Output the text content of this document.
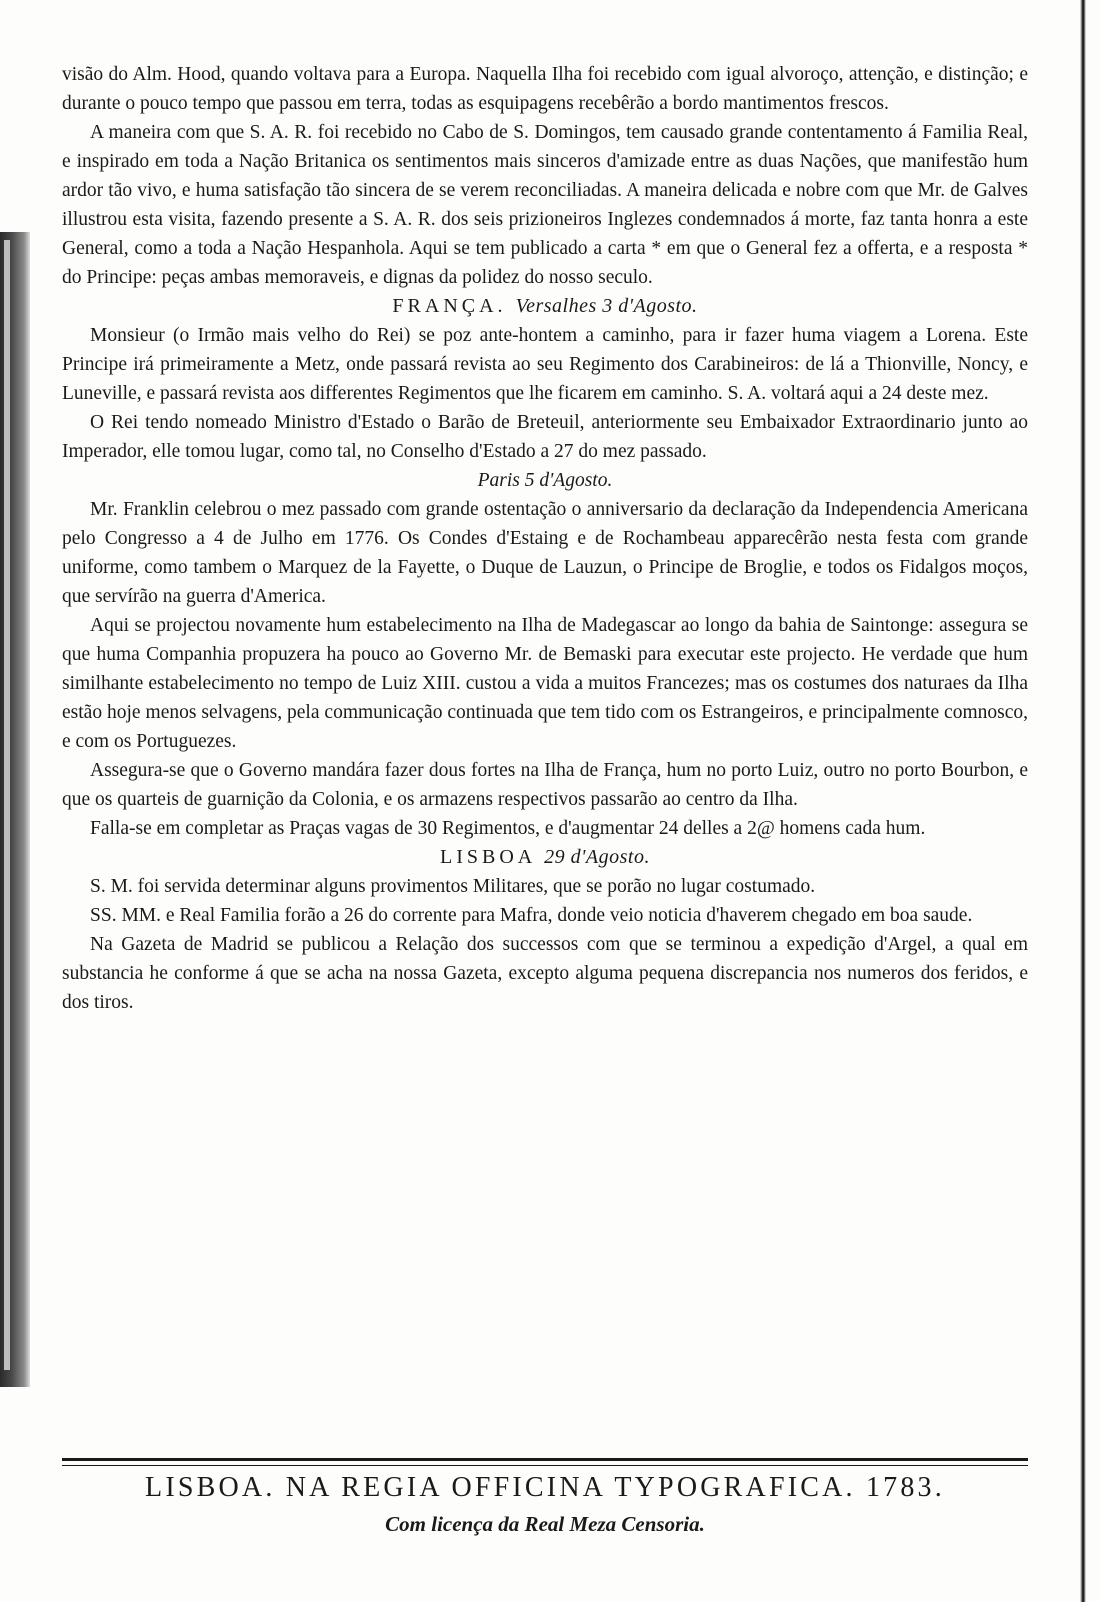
visão do Alm. Hood, quando voltava para a Europa. Naquella Ilha foi recebido com igual alvoroço, attenção, e distinção; e durante o pouco tempo que passou em terra, todas as esquipagens recebêrão a bordo mantimentos frescos.

A maneira com que S. A. R. foi recebido no Cabo de S. Domingos, tem causado grande contentamento á Familia Real, e inspirado em toda a Nação Britanica os sentimentos mais sinceros d'amizade entre as duas Nações, que manifestão hum ardor tão vivo, e huma satisfação tão sincera de se verem reconciliadas. A maneira delicada e nobre com que Mr. de Galves illustrou esta visita, fazendo presente a S. A. R. dos seis prizioneiros Inglezes condemnados á morte, faz tanta honra a este General, como a toda a Nação Hespanhola. Aqui se tem publicado a carta * em que o General fez a offerta, e a resposta * do Principe: peças ambas memoraveis, e dignas da polidez do nosso seculo.

FRANÇA. Versalhes 3 d'Agosto.

Monsieur (o Irmão mais velho do Rei) se poz ante-hontem a caminho, para ir fazer huma viagem a Lorena. Este Principe irá primeiramente a Metz, onde passará revista ao seu Regimento dos Carabineiros: de lá a Thionville, Noncy, e Luneville, e passará revista aos differentes Regimentos que lhe ficarem em caminho. S. A. voltará aqui a 24 deste mez.

O Rei tendo nomeado Ministro d'Estado o Barão de Breteuil, anteriormente seu Embaixador Extraordinario junto ao Imperador, elle tomou lugar, como tal, no Conselho d'Estado a 27 do mez passado.

Paris 5 d'Agosto.

Mr. Franklin celebrou o mez passado com grande ostentação o anniversario da declaração da Independencia Americana pelo Congresso a 4 de Julho em 1776. Os Condes d'Estaing e de Rochambeau apparecêrão nesta festa com grande uniforme, como tambem o Marquez de la Fayette, o Duque de Lauzun, o Principe de Broglie, e todos os Fidalgos moços, que servírão na guerra d'America.

Aqui se projectou novamente hum estabelecimento na Ilha de Madegascar ao longo da bahia de Saintonge: assegura se que huma Companhia propuzera ha pouco ao Governo Mr. de Bemaski para executar este projecto. He verdade que hum similhante estabelecimento no tempo de Luiz XIII. custou a vida a muitos Francezes; mas os costumes dos naturaes da Ilha estão hoje menos selvagens, pela communicação continuada que tem tido com os Estrangeiros, e principalmente comnosco, e com os Portuguezes.

Assegura-se que o Governo mandára fazer dous fortes na Ilha de França, hum no porto Luiz, outro no porto Bourbon, e que os quarteis de guarnição da Colonia, e os armazens respectivos passarão ao centro da Ilha.

Falla-se em completar as Praças vagas de 30 Regimentos, e d'augmentar 24 delles a 2@ homens cada hum.

LISBOA 29 d'Agosto.

S. M. foi servida determinar alguns provimentos Militares, que se porão no lugar costumado.

SS. MM. e Real Familia forão a 26 do corrente para Mafra, donde veio noticia d'haverem chegado em boa saude.

Na Gazeta de Madrid se publicou a Relação dos successos com que se terminou a expedição d'Argel, a qual em substancia he conforme á que se acha na nossa Gazeta, excepto alguma pequena discrepancia nos numeros dos feridos, e dos tiros.

LISBOA. NA REGIA OFFICINA TYPOGRAFICA. 1783.
Com licença da Real Meza Censoria.
